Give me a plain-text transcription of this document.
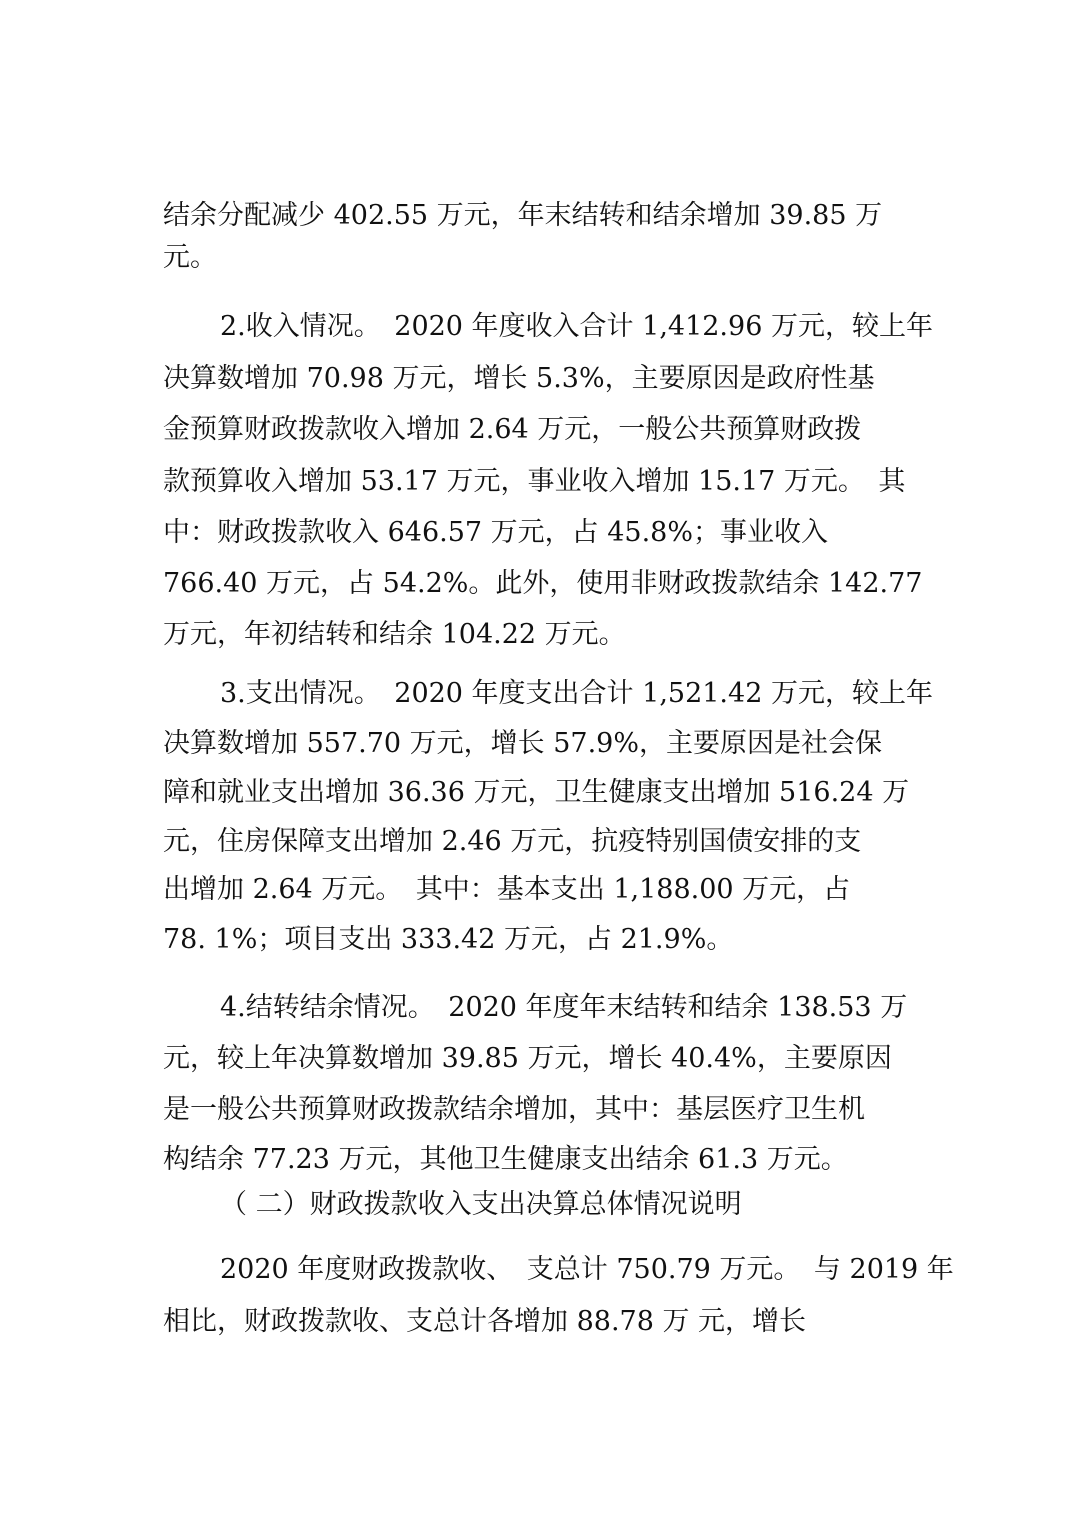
结余分配减少 402.55 万元，年末结转和结余增加 39.85 万
元。
2.收入情况。　2020 年度收入合计 1,412.96 万元，较上年
决算数增加 70.98 万元，增长 5.3%，主要原因是政府性基
金预算财政拨款收入增加 2.64 万元，一般公共预算财政拨
款预算收入增加 53.17 万元，事业收入增加 15.17 万元。　其
中：财政拨款收入 646.57 万元，占 45.8%；事业收入
766.40 万元，占 54.2%。此外，使用非财政拨款结余 142.77
万元，年初结转和结余 104.22 万元。
3.支出情况。　2020 年度支出合计 1,521.42 万元，较上年
决算数增加 557.70 万元，增长 57.9%，主要原因是社会保
障和就业支出增加 36.36 万元，卫生健康支出增加 516.24 万
元，住房保障支出增加 2.46 万元，抗疫特别国债安排的支
出增加 2.64 万元。　其中：基本支出 1,188.00 万元，占
78. 1%；项目支出 333.42 万元，占 21.9%。
4.结转结余情况。　2020 年度年末结转和结余 138.53 万
元，较上年决算数增加 39.85 万元，增长 40.4%，主要原因
是一般公共预算财政拨款结余增加，其中：基层医疗卫生机
构结余 77.23 万元，其他卫生健康支出结余 61.3 万元。
（ 二）财政拨款收入支出决算总体情况说明
2020 年度财政拨款收、　支总计 750.79 万元。　与 2019 年
相比，财政拨款收、支总计各增加 88.78 万 元，增长
